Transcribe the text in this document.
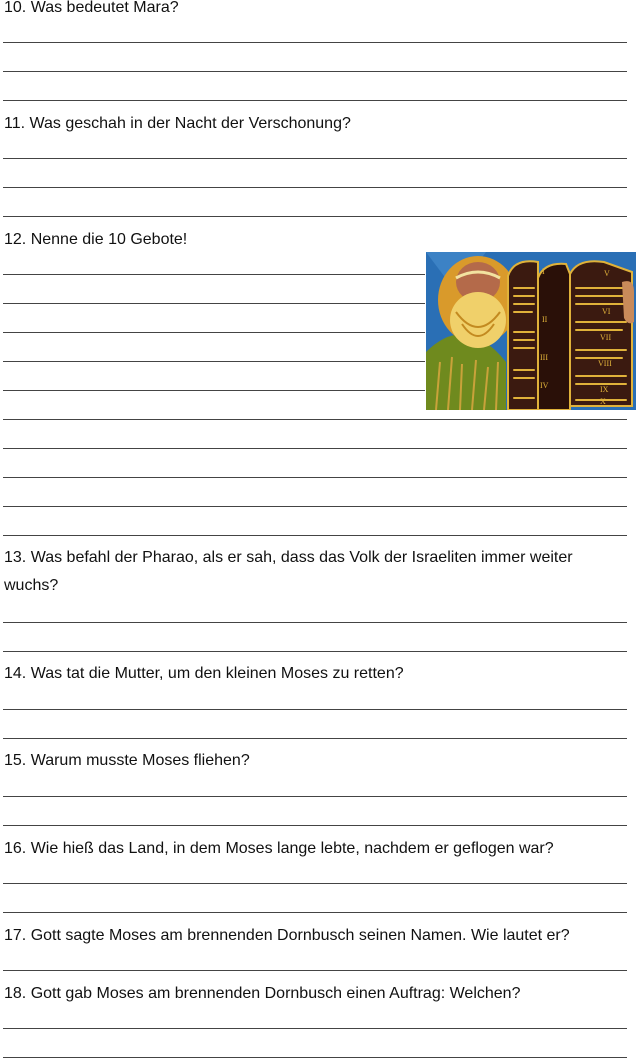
10. Was bedeutet Mara?
11. Was geschah in der Nacht der Verschonung?
12. Nenne die 10 Gebote!
I
II
III
IV
V
VI
VII
VIII
IX
X
13. Was befahl der Pharao, als er sah, dass das Volk der Israeliten immer weiter wuchs?
14. Was tat die Mutter, um den kleinen Moses zu retten?
15. Warum musste Moses fliehen?
16. Wie hieß das Land, in dem Moses lange lebte, nachdem er geflogen war?
17. Gott sagte Moses am brennenden Dornbusch seinen Namen. Wie lautet er?
18. Gott gab Moses am brennenden Dornbusch einen Auftrag: Welchen?
